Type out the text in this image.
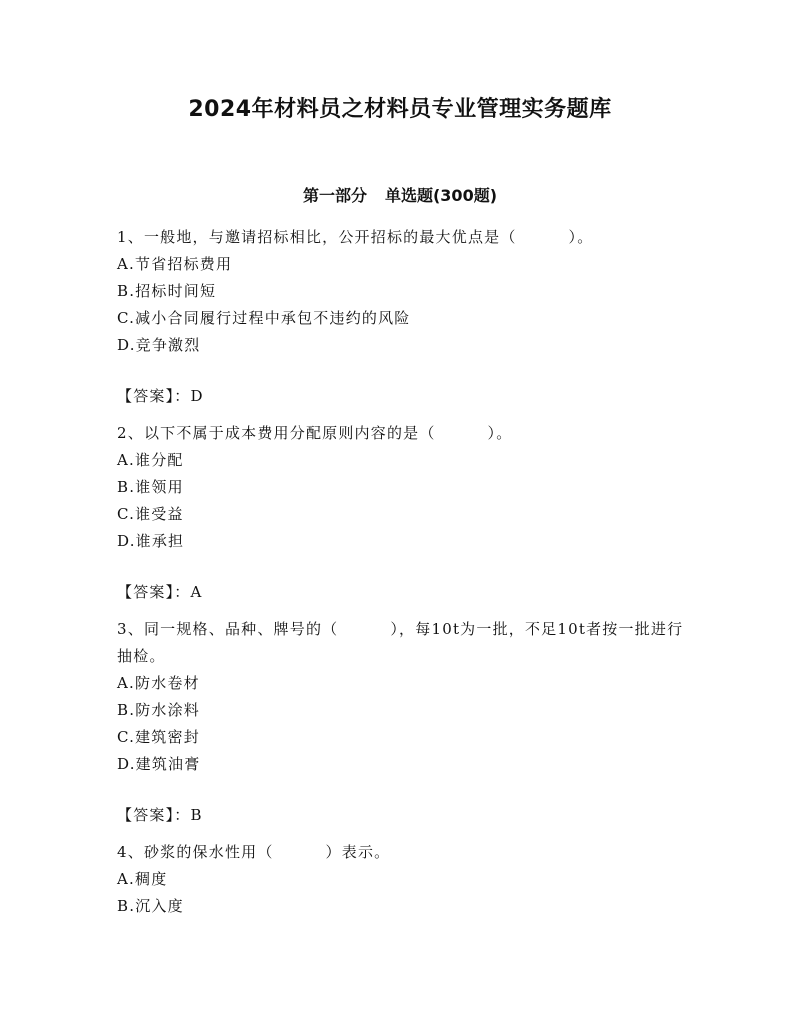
2024年材料员之材料员专业管理实务题库
第一部分 单选题(300题)
1、一般地，与邀请招标相比，公开招标的最大优点是（	）。
A.节省招标费用
B.招标时间短
C.减小合同履行过程中承包不违约的风险
D.竞争激烈
【答案】：D
2、以下不属于成本费用分配原则内容的是（	）。
A.谁分配
B.谁领用
C.谁受益
D.谁承担
【答案】：A
3、同一规格、品种、牌号的（	），每10t为一批，不足10t者按一批进行抽检。
A.防水卷材
B.防水涂料
C.建筑密封
D.建筑油膏
【答案】：B
4、砂浆的保水性用（	）表示。
A.稠度
B.沉入度
